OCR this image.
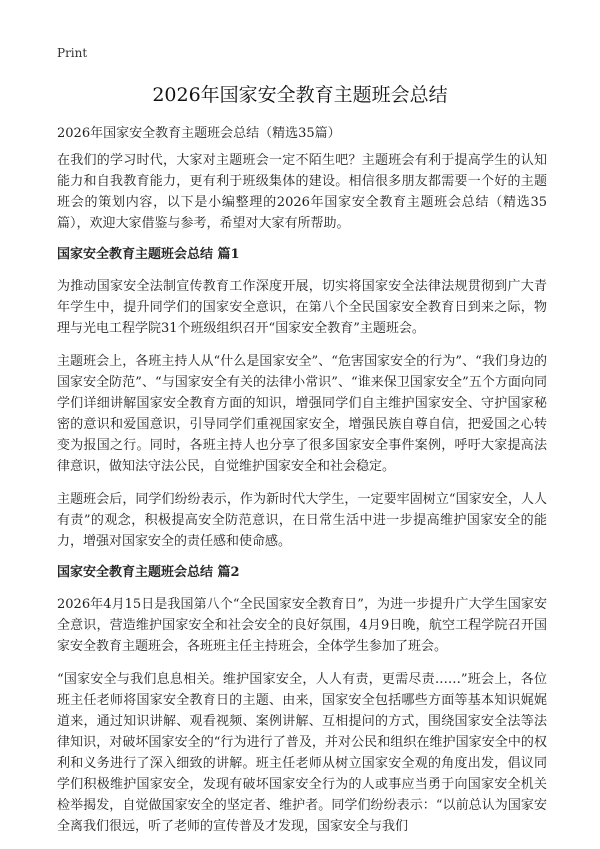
Print
2026年国家安全教育主题班会总结

2026年国家安全教育主题班会总结（精选35篇）

在我们的学习时代，大家对主题班会一定不陌生吧？主题班会有利于提高学生的认知能力和自我教育能力，更有利于班级集体的建设。相信很多朋友都需要一个好的主题班会的策划内容，以下是小编整理的2026年国家安全教育主题班会总结（精选35篇），欢迎大家借鉴与参考，希望对大家有所帮助。

国家安全教育主题班会总结 篇1

为推动国家安全法制宣传教育工作深度开展，切实将国家安全法律法规贯彻到广大青年学生中，提升同学们的国家安全意识，在第八个全民国家安全教育日到来之际，物理与光电工程学院31个班级组织召开“国家安全教育”主题班会。

主题班会上，各班主持人从“什么是国家安全”、“危害国家安全的行为”、“我们身边的国家安全防范”、“与国家安全有关的法律小常识”、“谁来保卫国家安全”五个方面向同学们详细讲解国家安全教育方面的知识，增强同学们自主维护国家安全、守护国家秘密的意识和爱国意识，引导同学们重视国家安全，增强民族自尊自信，把爱国之心转变为报国之行。同时，各班主持人也分享了很多国家安全事件案例，呼吁大家提高法律意识，做知法守法公民，自觉维护国家安全和社会稳定。

主题班会后，同学们纷纷表示，作为新时代大学生，一定要牢固树立“国家安全，人人有责”的观念，积极提高安全防范意识，在日常生活中进一步提高维护国家安全的能力，增强对国家安全的责任感和使命感。

国家安全教育主题班会总结 篇2

2026年4月15日是我国第八个“全民国家安全教育日”，为进一步提升广大学生国家安全意识，营造维护国家安全和社会安全的良好氛围，4月9日晚，航空工程学院召开国家安全教育主题班会，各班班主任主持班会，全体学生参加了班会。

“国家安全与我们息息相关。维护国家安全，人人有责，更需尽责……”班会上，各位班主任老师将国家安全教育日的主题、由来，国家安全包括哪些方面等基本知识娓娓道来，通过知识讲解、观看视频、案例讲解、互相提问的方式，围绕国家安全法等法律知识，对破坏国家安全的“行为进行了普及，并对公民和组织在维护国家安全中的权利和义务进行了深入细致的讲解。班主任老师从树立国家安全观的角度出发，倡议同学们积极维护国家安全，发现有破坏国家安全行为的人或事应当勇于向国家安全机关检举揭发，自觉做国家安全的坚定者、维护者。同学们纷纷表示：“以前总认为国家安全离我们很远，听了老师的宣传普及才发现，国家安全与我们
